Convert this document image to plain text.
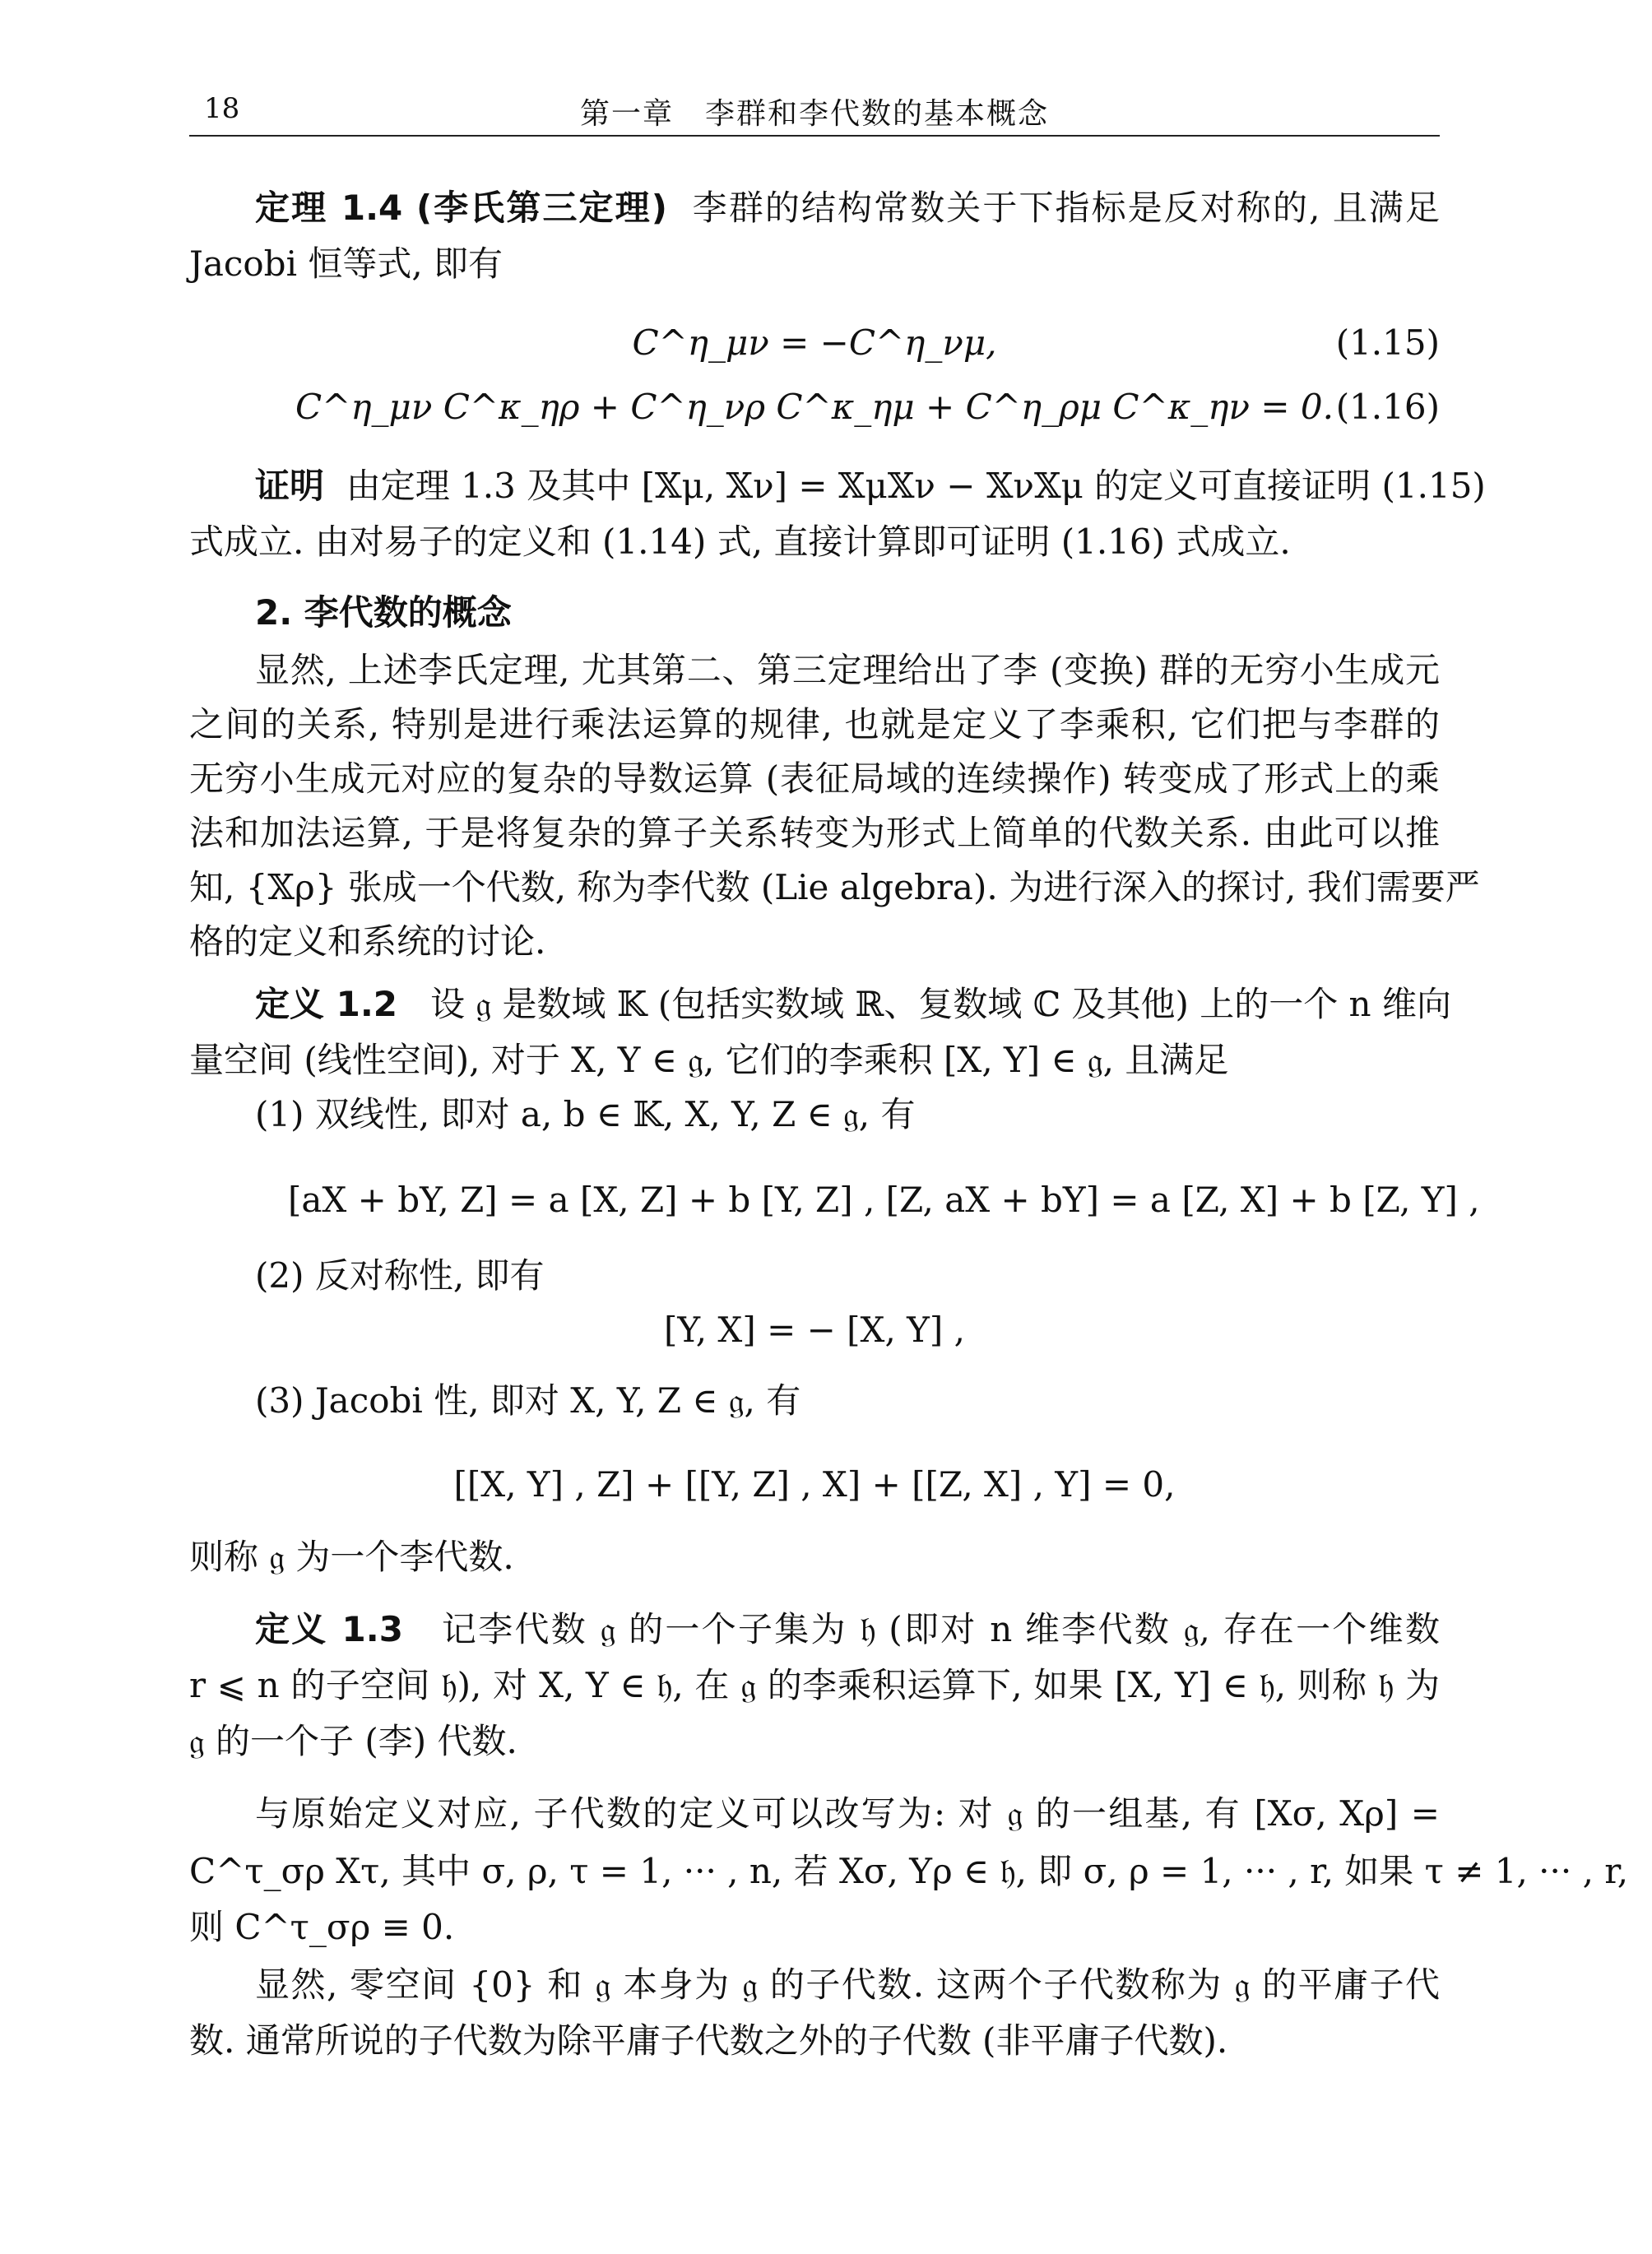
18	第一章　李群和李代数的基本概念
定理 1.4 (李氏第三定理) 李群的结构常数关于下指标是反对称的, 且满足
Jacobi 恒等式, 即有
C^η_μν = −C^η_νμ,	(1.15)
C^η_μν C^κ_ηρ + C^η_νρ C^κ_ημ + C^η_ρμ C^κ_ην = 0. (1.16)
证明 由定理 1.3 及其中 [𝕏μ, 𝕏ν] = 𝕏μ𝕏ν − 𝕏ν𝕏μ 的定义可直接证明 (1.15)
式成立. 由对易子的定义和 (1.14) 式, 直接计算即可证明 (1.16) 式成立.
2. 李代数的概念
显然, 上述李氏定理, 尤其第二、第三定理给出了李 (变换) 群的无穷小生成元
之间的关系, 特别是进行乘法运算的规律, 也就是定义了李乘积, 它们把与李群的
无穷小生成元对应的复杂的导数运算 (表征局域的连续操作) 转变成了形式上的乘
法和加法运算, 于是将复杂的算子关系转变为形式上简单的代数关系. 由此可以推
知, {𝕏ρ} 张成一个代数, 称为李代数 (Lie algebra). 为进行深入的探讨, 我们需要严
格的定义和系统的讨论.
定义 1.2 设 𝔤 是数域 𝕂 (包括实数域 ℝ、复数域 ℂ 及其他) 上的一个 n 维向
量空间 (线性空间), 对于 X, Y ∈ 𝔤, 它们的李乘积 [X, Y] ∈ 𝔤, 且满足
(1) 双线性, 即对 a, b ∈ 𝕂, X, Y, Z ∈ 𝔤, 有
[aX + bY, Z] = a [X, Z] + b [Y, Z] , [Z, aX + bY] = a [Z, X] + b [Z, Y] ,
(2) 反对称性, 即有
[Y, X] = − [X, Y] ,
(3) Jacobi 性, 即对 X, Y, Z ∈ 𝔤, 有
[[X, Y] , Z] + [[Y, Z] , X] + [[Z, X] , Y] = 0,
则称 𝔤 为一个李代数.
定义 1.3 记李代数 𝔤 的一个子集为 𝔥 (即对 n 维李代数 𝔤, 存在一个维数
r ⩽ n 的子空间 𝔥), 对 X, Y ∈ 𝔥, 在 𝔤 的李乘积运算下, 如果 [X, Y] ∈ 𝔥, 则称 𝔥 为
𝔤 的一个子 (李) 代数.
与原始定义对应, 子代数的定义可以改写为: 对 𝔤 的一组基, 有 [Xσ, Xρ] =
C^τ_σρ Xτ, 其中 σ, ρ, τ = 1, ··· , n, 若 Xσ, Yρ ∈ 𝔥, 即 σ, ρ = 1, ··· , r, 如果 τ ≠ 1, ··· , r,
则 C^τ_σρ ≡ 0.
显然, 零空间 {0} 和 𝔤 本身为 𝔤 的子代数. 这两个子代数称为 𝔤 的平庸子代
数. 通常所说的子代数为除平庸子代数之外的子代数 (非平庸子代数).
